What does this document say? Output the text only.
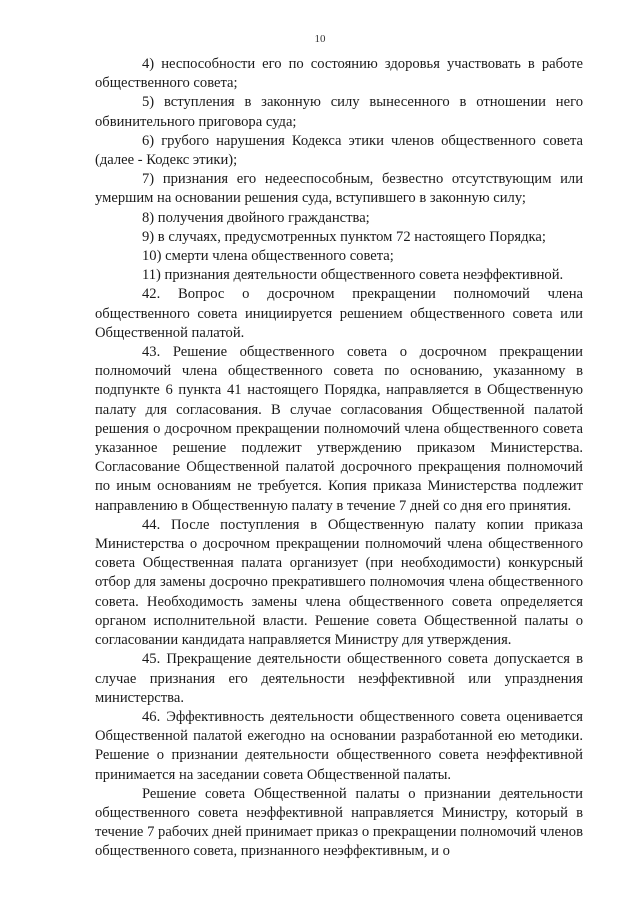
10

4) неспособности его по состоянию здоровья участвовать в работе общественного совета;

5) вступления в законную силу вынесенного в отношении него обвинительного приговора суда;

6) грубого нарушения Кодекса этики членов общественного совета (далее - Кодекс этики);

7) признания его недееспособным, безвестно отсутствующим или умершим на основании решения суда, вступившего в законную силу;

8) получения двойного гражданства;

9) в случаях, предусмотренных пунктом 72 настоящего Порядка;

10) смерти члена общественного совета;

11) признания деятельности общественного совета неэффективной.

42. Вопрос о досрочном прекращении полномочий члена общественного совета инициируется решением общественного совета или Общественной палатой.

43. Решение общественного совета о досрочном прекращении полномочий члена общественного совета по основанию, указанному в подпункте 6 пункта 41 настоящего Порядка, направляется в Общественную палату для согласования. В случае согласования Общественной палатой решения о досрочном прекращении полномочий члена общественного совета указанное решение подлежит утверждению приказом Министерства. Согласование Общественной палатой досрочного прекращения полномочий по иным основаниям не требуется. Копия приказа Министерства подлежит направлению в Общественную палату в течение 7 дней со дня его принятия.

44. После поступления в Общественную палату копии приказа Министерства о досрочном прекращении полномочий члена общественного совета Общественная палата организует (при необходимости) конкурсный отбор для замены досрочно прекратившего полномочия члена общественного совета. Необходимость замены члена общественного совета определяется органом исполнительной власти. Решение совета Общественной палаты о согласовании кандидата направляется Министру для утверждения.

45. Прекращение деятельности общественного совета допускается в случае признания его деятельности неэффективной или упразднения министерства.

46. Эффективность деятельности общественного совета оценивается Общественной палатой ежегодно на основании разработанной ею методики. Решение о признании деятельности общественного совета неэффективной принимается на заседании совета Общественной палаты.

Решение совета Общественной палаты о признании деятельности общественного совета неэффективной направляется Министру, который в течение 7 рабочих дней принимает приказ о прекращении полномочий членов общественного совета, признанного неэффективным, и о
